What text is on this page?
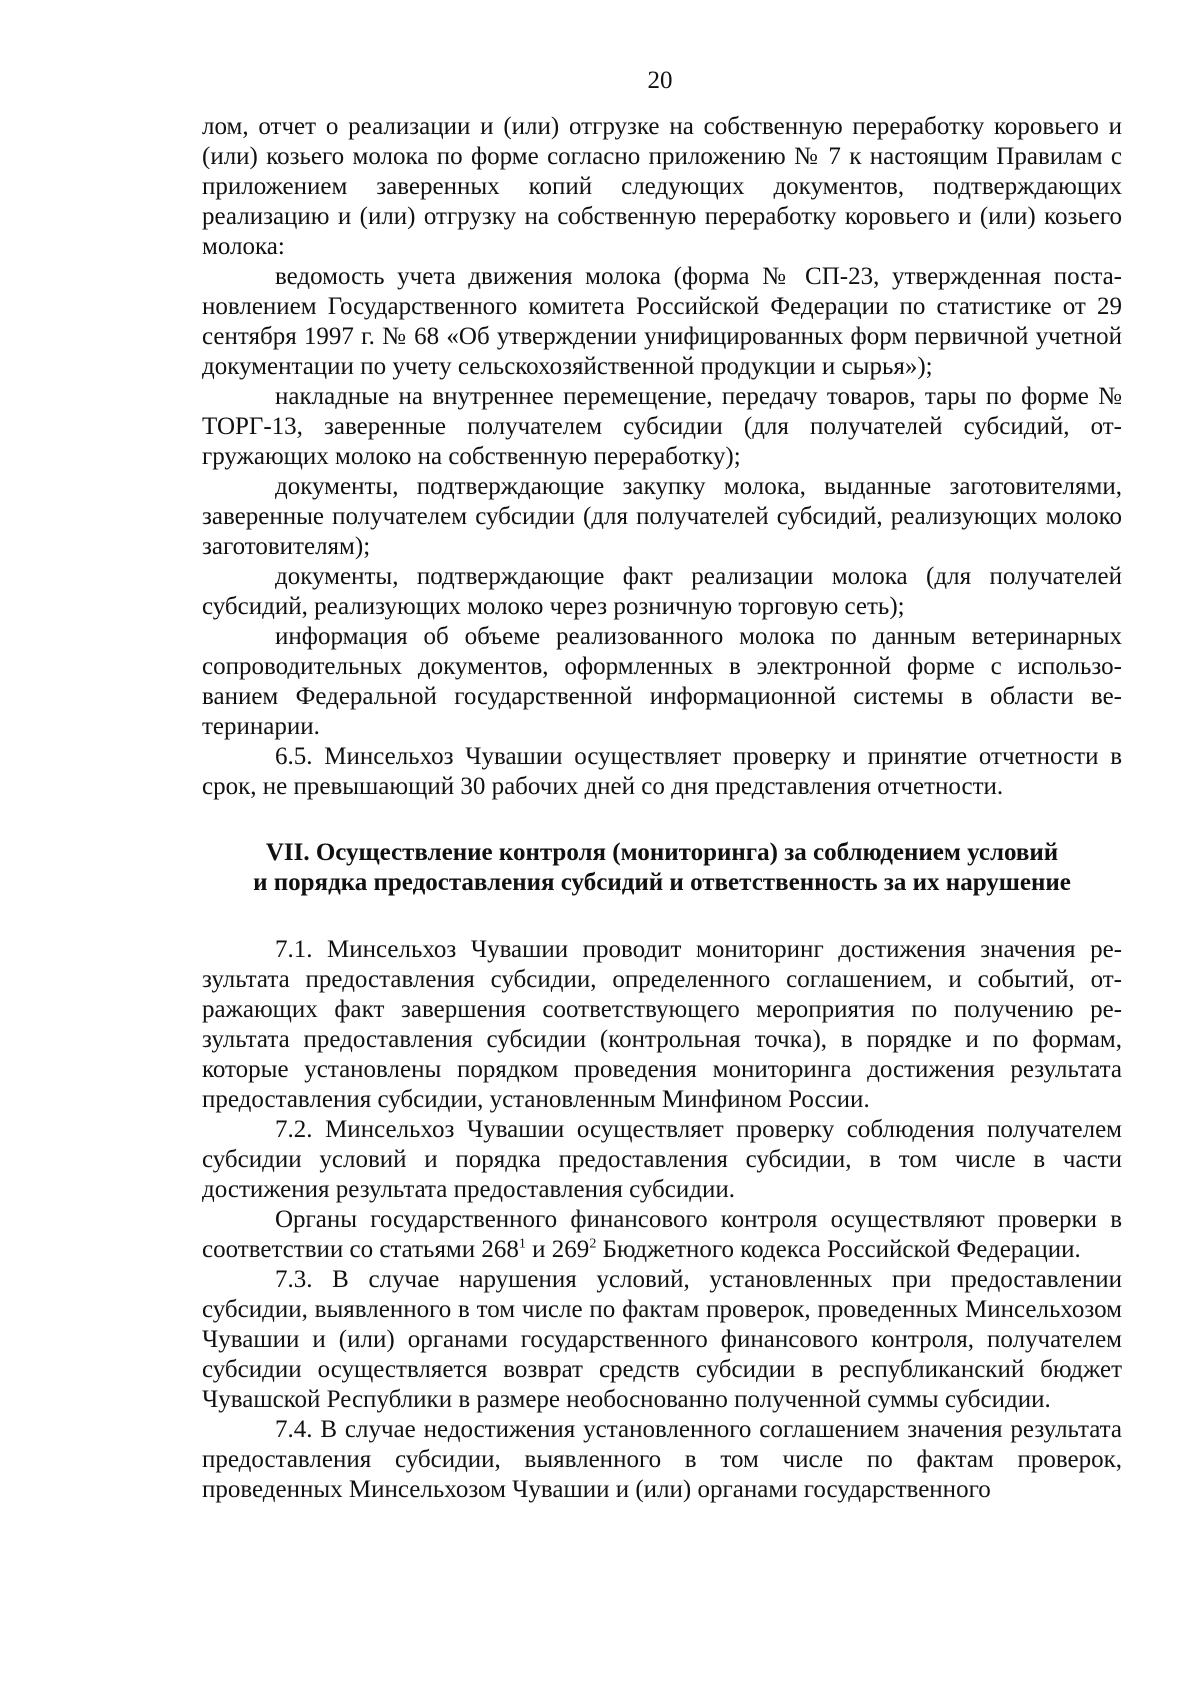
20

лом, отчет о реализации и (или) отгрузке на собственную переработку коровьего и (или) козьего молока по форме согласно приложению № 7 к настоящим Правилам с приложением заверенных копий следующих документов, подтверждающих реализацию и (или) отгрузку на собственную переработку коровьего и (или) козьего молока:

ведомость учета движения молока (форма № СП-23, утвержденная постановлением Государственного комитета Российской Федерации по статистике от 29 сентября 1997 г. № 68 «Об утверждении унифицированных форм первичной учетной документации по учету сельскохозяйственной продукции и сырья»);

накладные на внутреннее перемещение, передачу товаров, тары по форме № ТОРГ-13, заверенные получателем субсидии (для получателей субсидий, отгружающих молоко на собственную переработку);

документы, подтверждающие закупку молока, выданные заготовителями, заверенные получателем субсидии (для получателей субсидий, реализующих молоко заготовителям);

документы, подтверждающие факт реализации молока (для получателей субсидий, реализующих молоко через розничную торговую сеть);

информация об объеме реализованного молока по данным ветеринарных сопроводительных документов, оформленных в электронной форме с использованием Федеральной государственной информационной системы в области ветеринарии.

6.5. Минсельхоз Чувашии осуществляет проверку и принятие отчетности в срок, не превышающий 30 рабочих дней со дня представления отчетности.

VII. Осуществление контроля (мониторинга) за соблюдением условий
и порядка предоставления субсидий и ответственность за их нарушение

7.1. Минсельхоз Чувашии проводит мониторинг достижения значения результата предоставления субсидии, определенного соглашением, и событий, отражающих факт завершения соответствующего мероприятия по получению результата предоставления субсидии (контрольная точка), в порядке и по формам, которые установлены порядком проведения мониторинга достижения результата предоставления субсидии, установленным Минфином России.

7.2. Минсельхоз Чувашии осуществляет проверку соблюдения получателем субсидии условий и порядка предоставления субсидии, в том числе в части достижения результата предоставления субсидии.

Органы государственного финансового контроля осуществляют проверки в соответствии со статьями $268^1$ и $269^2$ Бюджетного кодекса Российской Федерации.

7.3. В случае нарушения условий, установленных при предоставлении субсидии, выявленного в том числе по фактам проверок, проведенных Минсельхозом Чувашии и (или) органами государственного финансового контроля, получателем субсидии осуществляется возврат средств субсидии в республиканский бюджет Чувашской Республики в размере необоснованно полученной суммы субсидии.

7.4. В случае недостижения установленного соглашением значения результата предоставления субсидии, выявленного в том числе по фактам проверок, проведенных Минсельхозом Чувашии и (или) органами государственного
